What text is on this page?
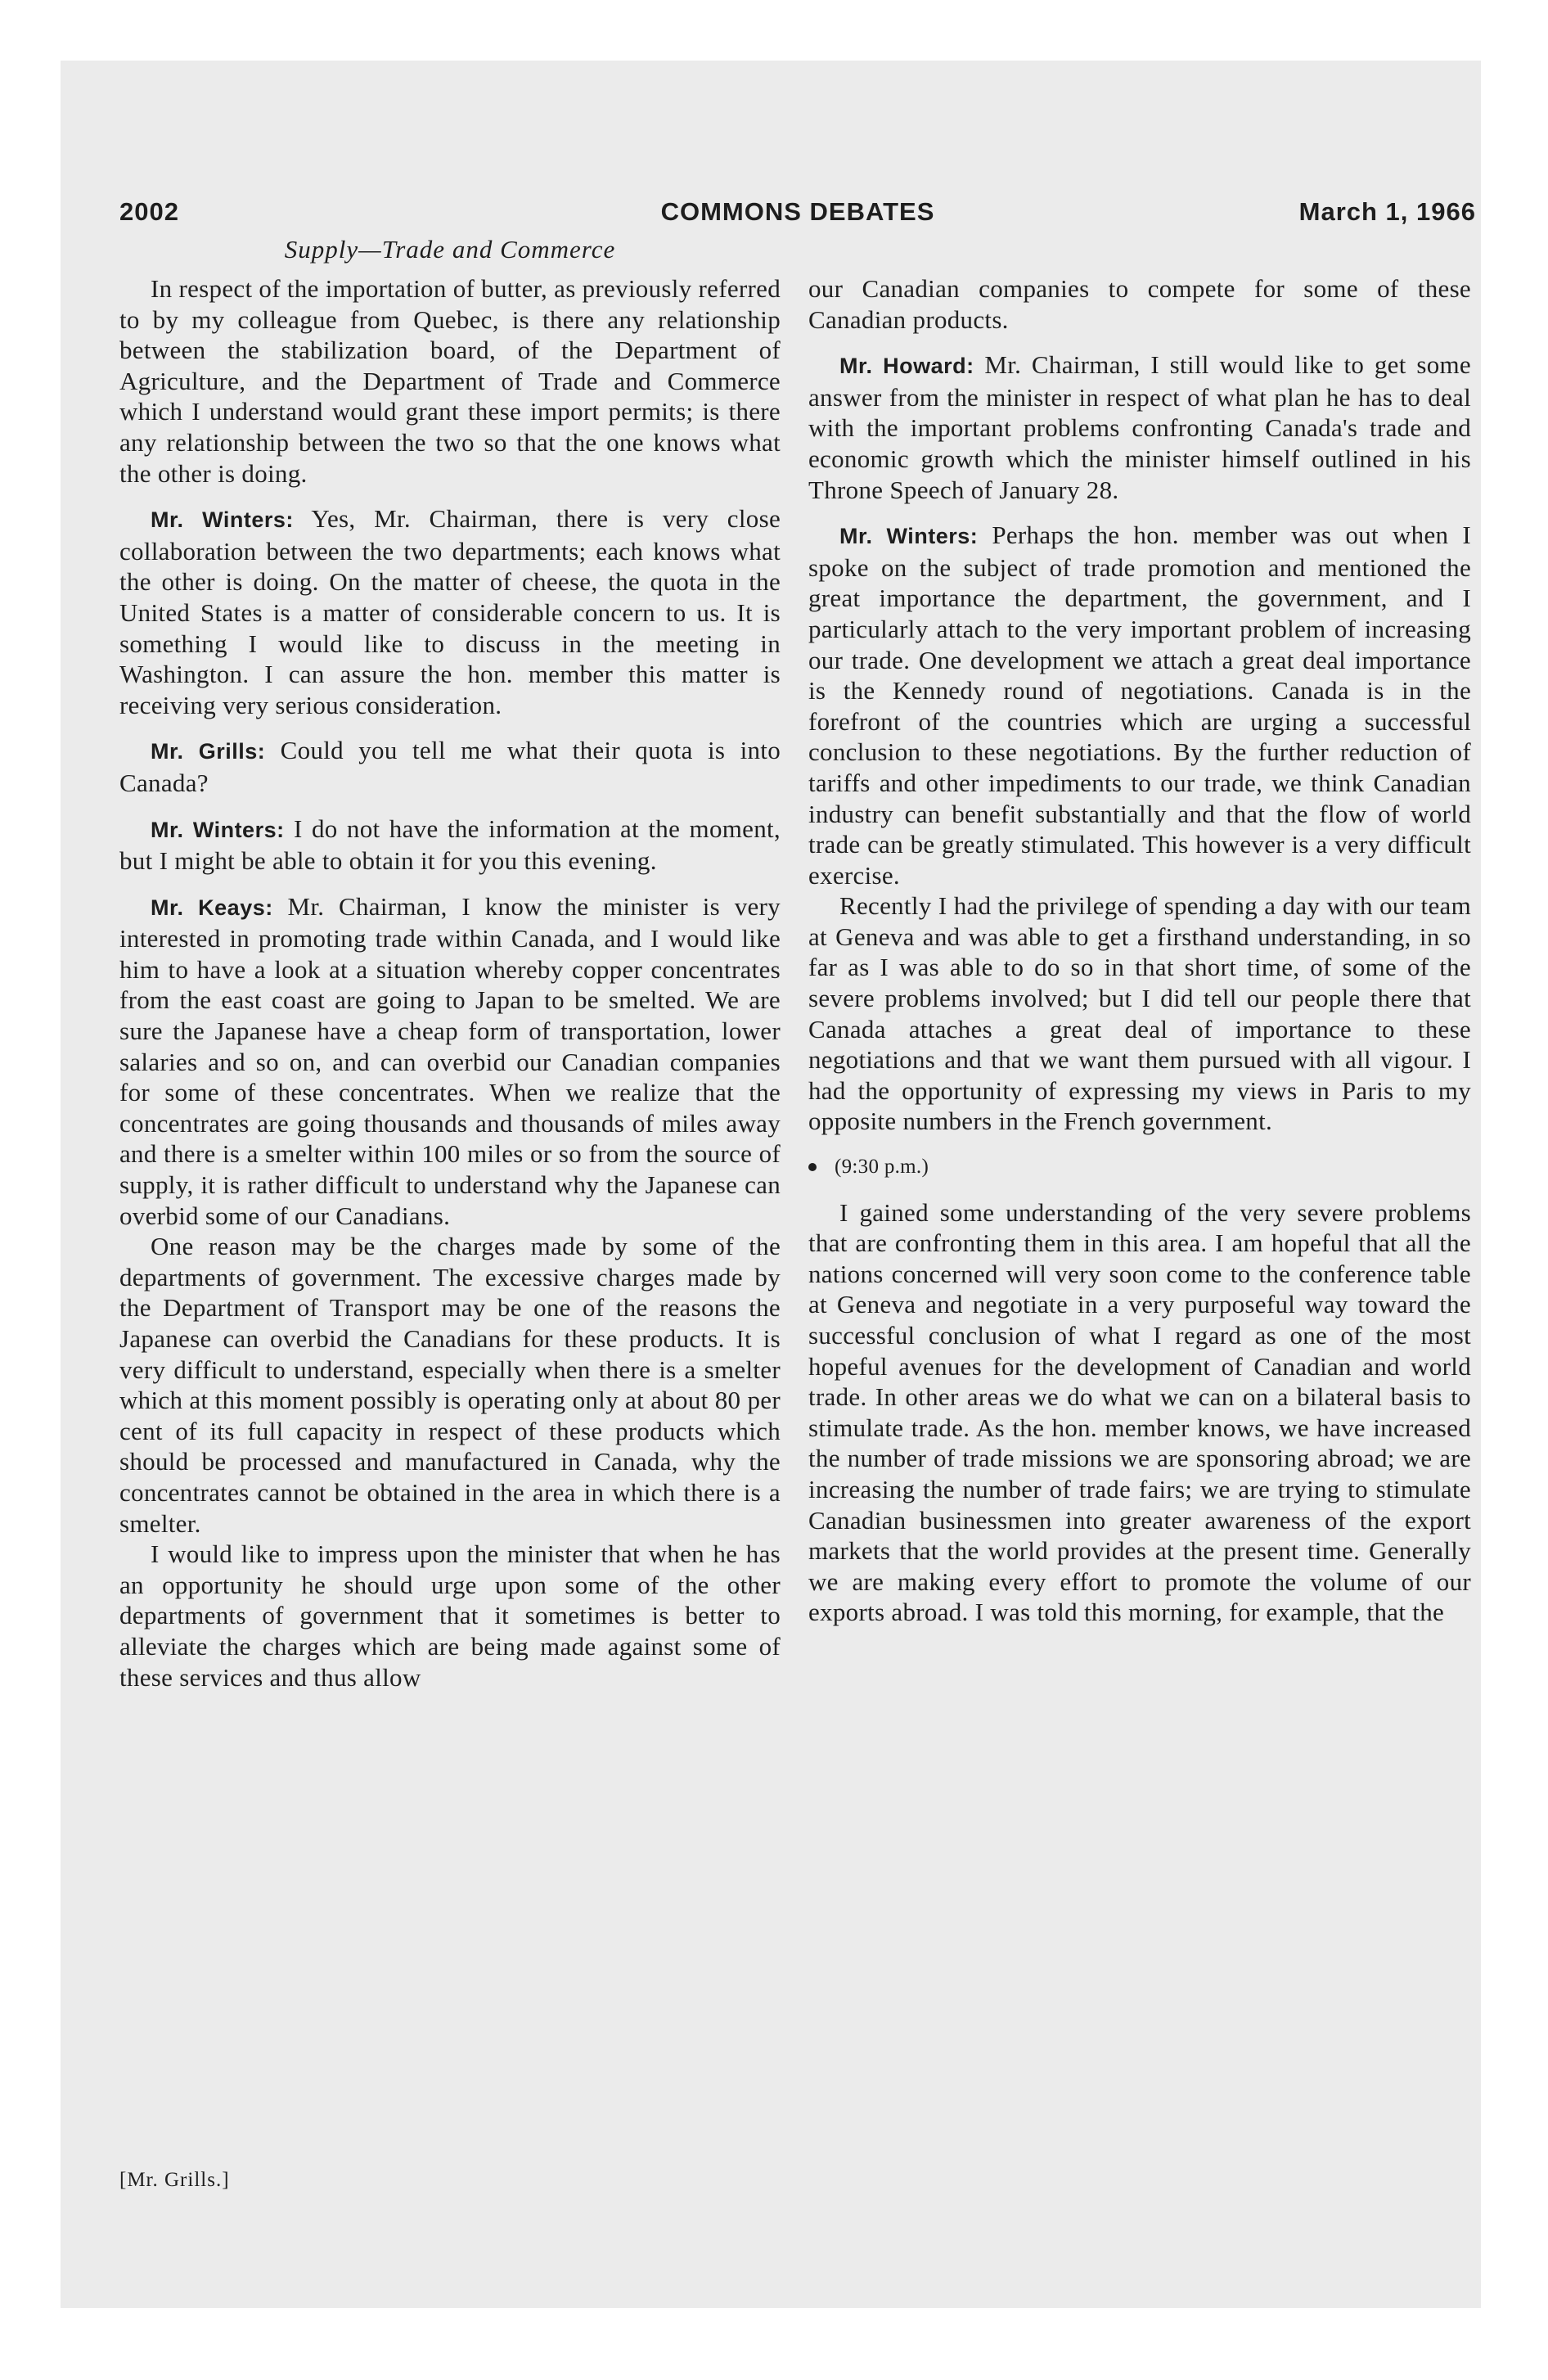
2002	COMMONS DEBATES	March 1, 1966
Supply—Trade and Commerce

In respect of the importation of butter, as previously referred to by my colleague from Quebec, is there any relationship between the stabilization board, of the Department of Agriculture, and the Department of Trade and Commerce which I understand would grant these import permits; is there any relationship between the two so that the one knows what the other is doing.

Mr. Winters: Yes, Mr. Chairman, there is very close collaboration between the two departments; each knows what the other is doing. On the matter of cheese, the quota in the United States is a matter of considerable concern to us. It is something I would like to discuss in the meeting in Washington. I can assure the hon. member this matter is receiving very serious consideration.

Mr. Grills: Could you tell me what their quota is into Canada?

Mr. Winters: I do not have the information at the moment, but I might be able to obtain it for you this evening.

Mr. Keays: Mr. Chairman, I know the minister is very interested in promoting trade within Canada, and I would like him to have a look at a situation whereby copper concentrates from the east coast are going to Japan to be smelted. We are sure the Japanese have a cheap form of transportation, lower salaries and so on, and can overbid our Canadian companies for some of these concentrates. When we realize that the concentrates are going thousands and thousands of miles away and there is a smelter within 100 miles or so from the source of supply, it is rather difficult to understand why the Japanese can overbid some of our Canadians.

One reason may be the charges made by some of the departments of government. The excessive charges made by the Department of Transport may be one of the reasons the Japanese can overbid the Canadians for these products. It is very difficult to understand, especially when there is a smelter which at this moment possibly is operating only at about 80 per cent of its full capacity in respect of these products which should be processed and manufactured in Canada, why the concentrates cannot be obtained in the area in which there is a smelter.

I would like to impress upon the minister that when he has an opportunity he should urge upon some of the other departments of government that it sometimes is better to alleviate the charges which are being made against some of these services and thus allow

our Canadian companies to compete for some of these Canadian products.

Mr. Howard: Mr. Chairman, I still would like to get some answer from the minister in respect of what plan he has to deal with the important problems confronting Canada's trade and economic growth which the minister himself outlined in his Throne Speech of January 28.

Mr. Winters: Perhaps the hon. member was out when I spoke on the subject of trade promotion and mentioned the great importance the department, the government, and I particularly attach to the very important problem of increasing our trade. One development we attach a great deal importance is the Kennedy round of negotiations. Canada is in the forefront of the countries which are urging a successful conclusion to these negotiations. By the further reduction of tariffs and other impediments to our trade, we think Canadian industry can benefit substantially and that the flow of world trade can be greatly stimulated. This however is a very difficult exercise.

Recently I had the privilege of spending a day with our team at Geneva and was able to get a firsthand understanding, in so far as I was able to do so in that short time, of some of the severe problems involved; but I did tell our people there that Canada attaches a great deal of importance to these negotiations and that we want them pursued with all vigour. I had the opportunity of expressing my views in Paris to my opposite numbers in the French government.

(9:30 p.m.)

I gained some understanding of the very severe problems that are confronting them in this area. I am hopeful that all the nations concerned will very soon come to the conference table at Geneva and negotiate in a very purposeful way toward the successful conclusion of what I regard as one of the most hopeful avenues for the development of Canadian and world trade. In other areas we do what we can on a bilateral basis to stimulate trade. As the hon. member knows, we have increased the number of trade missions we are sponsoring abroad; we are increasing the number of trade fairs; we are trying to stimulate Canadian businessmen into greater awareness of the export markets that the world provides at the present time. Generally we are making every effort to promote the volume of our exports abroad. I was told this morning, for example, that the

[Mr. Grills.]
